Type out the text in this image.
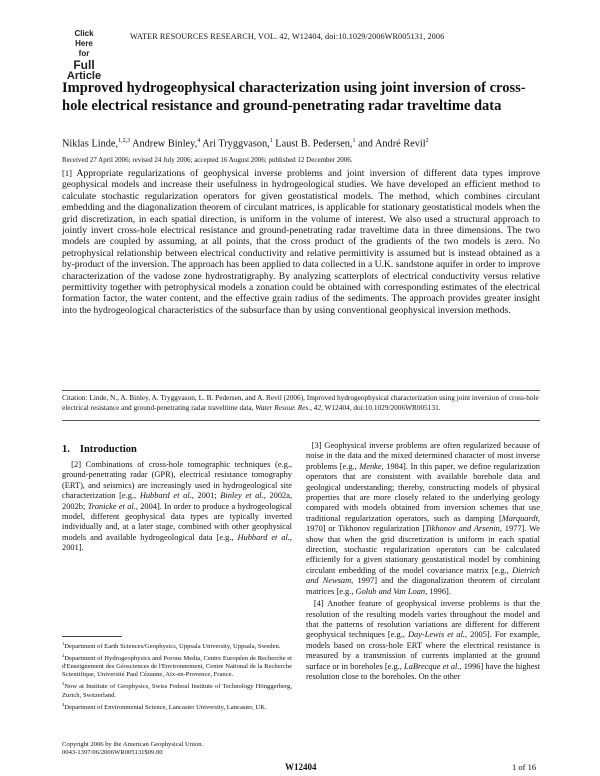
Click
Here
for
Full
Article
WATER RESOURCES RESEARCH, VOL. 42, W12404, doi:10.1029/2006WR005131, 2006
Improved hydrogeophysical characterization using joint inversion of cross-hole electrical resistance and ground-penetrating radar traveltime data
Niklas Linde,$^{1,2,3}$ Andrew Binley,$^4$ Ari Tryggvason,$^1$ Laust B. Pedersen,$^1$ and André Revil$^2$
Received 27 April 2006; revised 24 July 2006; accepted 16 August 2006; published 12 December 2006.
[1] Appropriate regularizations of geophysical inverse problems and joint inversion of different data types improve geophysical models and increase their usefulness in hydrogeological studies. We have developed an efficient method to calculate stochastic regularization operators for given geostatistical models. The method, which combines circulant embedding and the diagonalization theorem of circulant matrices, is applicable for stationary geostatistical models when the grid discretization, in each spatial direction, is uniform in the volume of interest. We also used a structural approach to jointly invert cross-hole electrical resistance and ground-penetrating radar traveltime data in three dimensions. The two models are coupled by assuming, at all points, that the cross product of the gradients of the two models is zero. No petrophysical relationship between electrical conductivity and relative permittivity is assumed but is instead obtained as a by-product of the inversion. The approach has been applied to data collected in a U.K. sandstone aquifer in order to improve characterization of the vadose zone hydrostratigraphy. By analyzing scatterplots of electrical conductivity versus relative permittivity together with petrophysical models a zonation could be obtained with corresponding estimates of the electrical formation factor, the water content, and the effective grain radius of the sediments. The approach provides greater insight into the hydrogeological characteristics of the subsurface than by using conventional geophysical inversion methods.
Citation: Linde, N., A. Binley, A. Tryggvason, L. B. Pedersen, and A. Revil (2006), Improved hydrogeophysical characterization using joint inversion of cross-hole electrical resistance and ground-penetrating radar traveltime data, Water Resour. Res., 42, W12404, doi:10.1029/2006WR005131.
1. Introduction
[2] Combinations of cross-hole tomographic techniques (e.g., ground-penetrating radar (GPR), electrical resistance tomography (ERT), and seismics) are increasingly used in hydrogeological site characterization [e.g., Hubbard et al., 2001; Binley et al., 2002a, 2002b; Tronicke et al., 2004]. In order to produce a hydrogeological model, different geophysical data types are typically inverted individually and, at a later stage, combined with other geophysical models and available hydrogeological data [e.g., Hubbard et al., 2001].

[3] Geophysical inverse problems are often regularized because of noise in the data and the mixed determined character of most inverse problems [e.g., Menke, 1984]. In this paper, we define regularization operators that are consistent with available borehole data and geological understanding; thereby, constructing models of physical properties that are more closely related to the underlying geology compared with models obtained from inversion schemes that use traditional regularization operators, such as damping [Marquardt, 1970] or Tikhonov regularization [Tikhonov and Arsenin, 1977]. We show that when the grid discretization is uniform in each spatial direction, stochastic regularization operators can be calculated efficiently for a given stationary geostatistical model by combining circulant embedding of the model covariance matrix [e.g., Dietrich and Newsam, 1997] and the diagonalization theorem of circulant matrices [e.g., Golub and Van Loan, 1996].

[4] Another feature of geophysical inverse problems is that the resolution of the resulting models varies throughout the model and that the patterns of resolution variations are different for different geophysical techniques [e.g., Day-Lewis et al., 2005]. For example, models based on cross-hole ERT where the electrical resistance is measured by a transmission of currents implanted at the ground surface or in boreholes [e.g., LaBrecque et al., 1996] have the highest resolution close to the boreholes. On the other

$^1$Department of Earth Sciences/Geophysics, Uppsala University, Uppsala, Sweden.

$^2$Department of Hydrogeophysics and Porous Media, Centre Européen de Recherche et d'Enseignement des Géosciences de l'Environnement, Centre National de la Recherche Scientifique, Université Paul Cézanne, Aix-en-Provence, France.

$^3$Now at Institute of Geophysics, Swiss Federal Institute of Technology Hönggerberg, Zurich, Switzerland.

$^4$Department of Environmental Science, Lancaster University, Lancaster, UK.

Copyright 2006 by the American Geophysical Union.
0043-1397/06/2006WR005131$09.00
W12404	1 of 16
